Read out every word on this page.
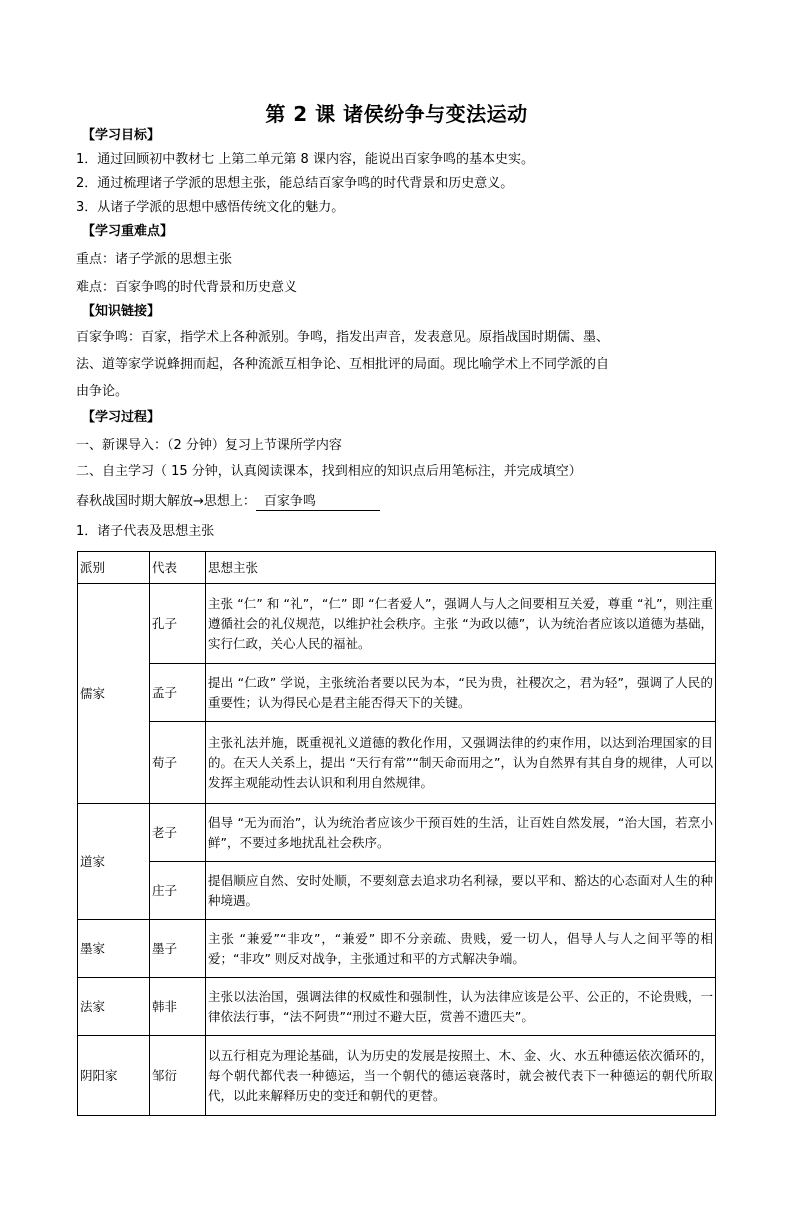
第 2 课 诸侯纷争与变法运动
【学习目标】
1．通过回顾初中教材七 上第二单元第 8 课内容，能说出百家争鸣的基本史实。
2．通过梳理诸子学派的思想主张，能总结百家争鸣的时代背景和历史意义。
3．从诸子学派的思想中感悟传统文化的魅力。
【学习重难点】
重点：诸子学派的思想主张
难点：百家争鸣的时代背景和历史意义
【知识链接】
百家争鸣：百家，指学术上各种派别。争鸣，指发出声音，发表意见。原指战国时期儒、墨、
法、道等家学说蜂拥而起，各种流派互相争论、互相批评的局面。现比喻学术上不同学派的自
由争论。
【学习过程】
一、新课导入：（2 分钟）复习上节课所学内容
二、自主学习（ 15 分钟，认真阅读课本，找到相应的知识点后用笔标注，并完成填空）
春秋战国时期大解放→思想上： 百家争鸣
1．诸子代表及思想主张
派别	代表	思想主张
儒家	孔子	主张 “仁” 和 “礼”，“仁” 即 “仁者爱人”，强调人与人之间要相互关爱，尊重 “礼”，则注重遵循社会的礼仪规范，以维护社会秩序。主张 “为政以德”，认为统治者应该以道德为基础，实行仁政，关心人民的福祉。
	孟子	提出 “仁政” 学说，主张统治者要以民为本，“民为贵，社稷次之，君为轻”，强调了人民的重要性；认为得民心是君主能否得天下的关键。
	荀子	主张礼法并施，既重视礼义道德的教化作用，又强调法律的约束作用，以达到治理国家的目的。在天人关系上，提出 “天行有常”“制天命而用之”，认为自然界有其自身的规律，人可以发挥主观能动性去认识和利用自然规律。
道家	老子	倡导 “无为而治”，认为统治者应该少干预百姓的生活，让百姓自然发展，“治大国，若烹小鲜”，不要过多地扰乱社会秩序。
	庄子	提倡顺应自然、安时处顺，不要刻意去追求功名利禄，要以平和、豁达的心态面对人生的种种境遇。
墨家	墨子	主张 “兼爱”“非攻”，“兼爱” 即不分亲疏、贵贱，爱一切人，倡导人与人之间平等的相爱；“非攻” 则反对战争，主张通过和平的方式解决争端。
法家	韩非	主张以法治国，强调法律的权威性和强制性，认为法律应该是公平、公正的，不论贵贱，一律依法行事，“法不阿贵”“刑过不避大臣，赏善不遗匹夫”。
阴阳家	邹衍	以五行相克为理论基础，认为历史的发展是按照土、木、金、火、水五种德运依次循环的，每个朝代都代表一种德运，当一个朝代的德运衰落时，就会被代表下一种德运的朝代所取代，以此来解释历史的变迁和朝代的更替。
